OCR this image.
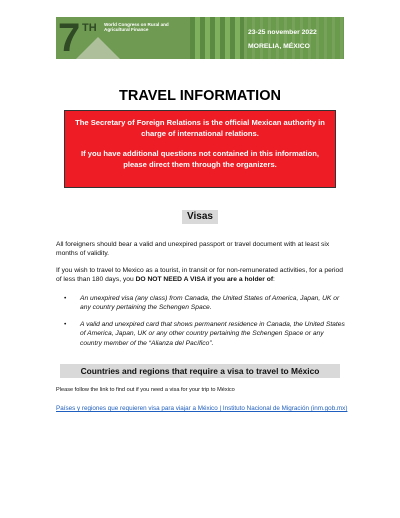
7 TH World Congress on Rural and Agricultural Finance	23-25 november 2022
MORELIA, MÉXICO
TRAVEL INFORMATION

The Secretary of Foreign Relations is the official Mexican authority in charge of international relations.

If you have additional questions not contained in this information, please direct them through the organizers.

Visas

All foreigners should bear a valid and unexpired passport or travel document with at least six months of validity.

If you wish to travel to Mexico as a tourist, in transit or for non-remunerated activities, for a period of less than 180 days, you DO NOT NEED A VISA if you are a holder of:

• An unexpired visa (any class) from Canada, the United States of America, Japan, UK or any country pertaining the Schengen Space.
• A valid and unexpired card that shows permanent residence in Canada, the United States of America, Japan, UK or any other country pertaining the Schengen Space or any country member of the “Alianza del Pacífico”.
Countries and regions that require a visa to travel to México
Please follow the link to find out if you need a visa for your trip to México
Países y regiones que requieren visa para viajar a México | Instituto Nacional de Migración (inm.gob.mx)
